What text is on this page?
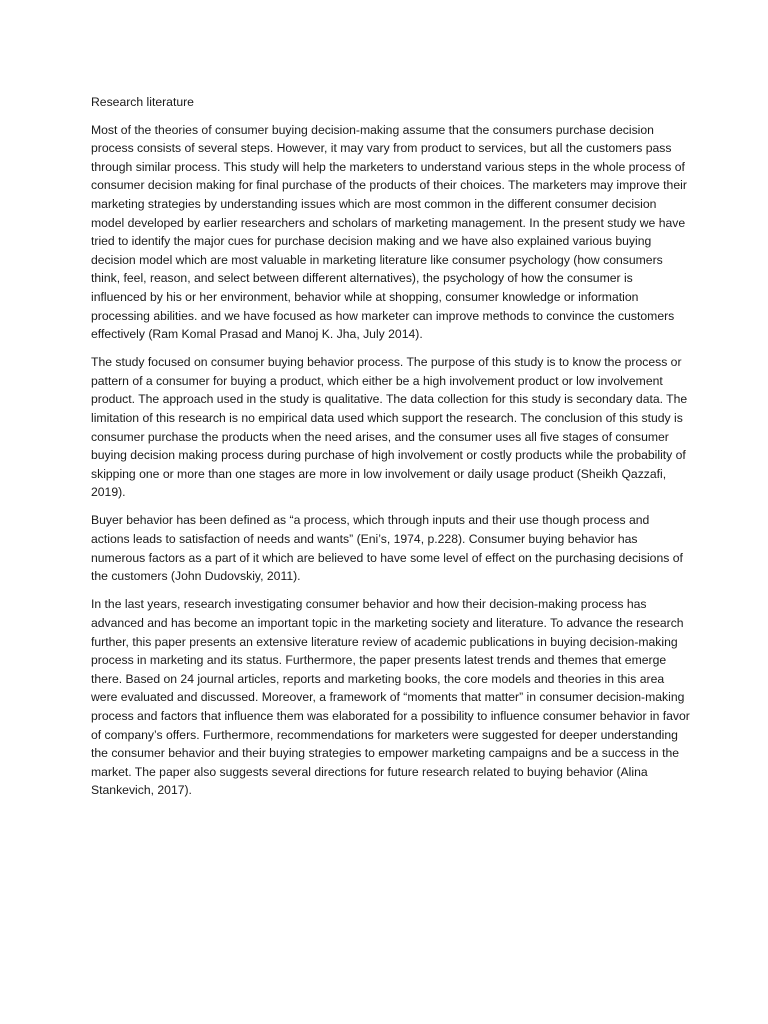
Research literature

Most of the theories of consumer buying decision-making assume that the consumers purchase decision process consists of several steps. However, it may vary from product to services, but all the customers pass through similar process. This study will help the marketers to understand various steps in the whole process of consumer decision making for final purchase of the products of their choices. The marketers may improve their marketing strategies by understanding issues which are most common in the different consumer decision model developed by earlier researchers and scholars of marketing management. In the present study we have tried to identify the major cues for purchase decision making and we have also explained various buying decision model which are most valuable in marketing literature like consumer psychology (how consumers think, feel, reason, and select between different alternatives), the psychology of how the consumer is influenced by his or her environment, behavior while at shopping, consumer knowledge or information processing abilities. and we have focused as how marketer can improve methods to convince the customers effectively (Ram Komal Prasad and Manoj K. Jha, July 2014).

The study focused on consumer buying behavior process. The purpose of this study is to know the process or pattern of a consumer for buying a product, which either be a high involvement product or low involvement product. The approach used in the study is qualitative. The data collection for this study is secondary data. The limitation of this research is no empirical data used which support the research. The conclusion of this study is consumer purchase the products when the need arises, and the consumer uses all five stages of consumer buying decision making process during purchase of high involvement or costly products while the probability of skipping one or more than one stages are more in low involvement or daily usage product (Sheikh Qazzafi, 2019).

Buyer behavior has been defined as “a process, which through inputs and their use though process and actions leads to satisfaction of needs and wants” (Eni’s, 1974, p.228). Consumer buying behavior has numerous factors as a part of it which are believed to have some level of effect on the purchasing decisions of the customers (John Dudovskiy, 2011).

In the last years, research investigating consumer behavior and how their decision-making process has advanced and has become an important topic in the marketing society and literature. To advance the research further, this paper presents an extensive literature review of academic publications in buying decision-making process in marketing and its status. Furthermore, the paper presents latest trends and themes that emerge there. Based on 24 journal articles, reports and marketing books, the core models and theories in this area were evaluated and discussed. Moreover, a framework of “moments that matter” in consumer decision-making process and factors that influence them was elaborated for a possibility to influence consumer behavior in favor of company’s offers. Furthermore, recommendations for marketers were suggested for deeper understanding the consumer behavior and their buying strategies to empower marketing campaigns and be a success in the market. The paper also suggests several directions for future research related to buying behavior (Alina Stankevich, 2017).
